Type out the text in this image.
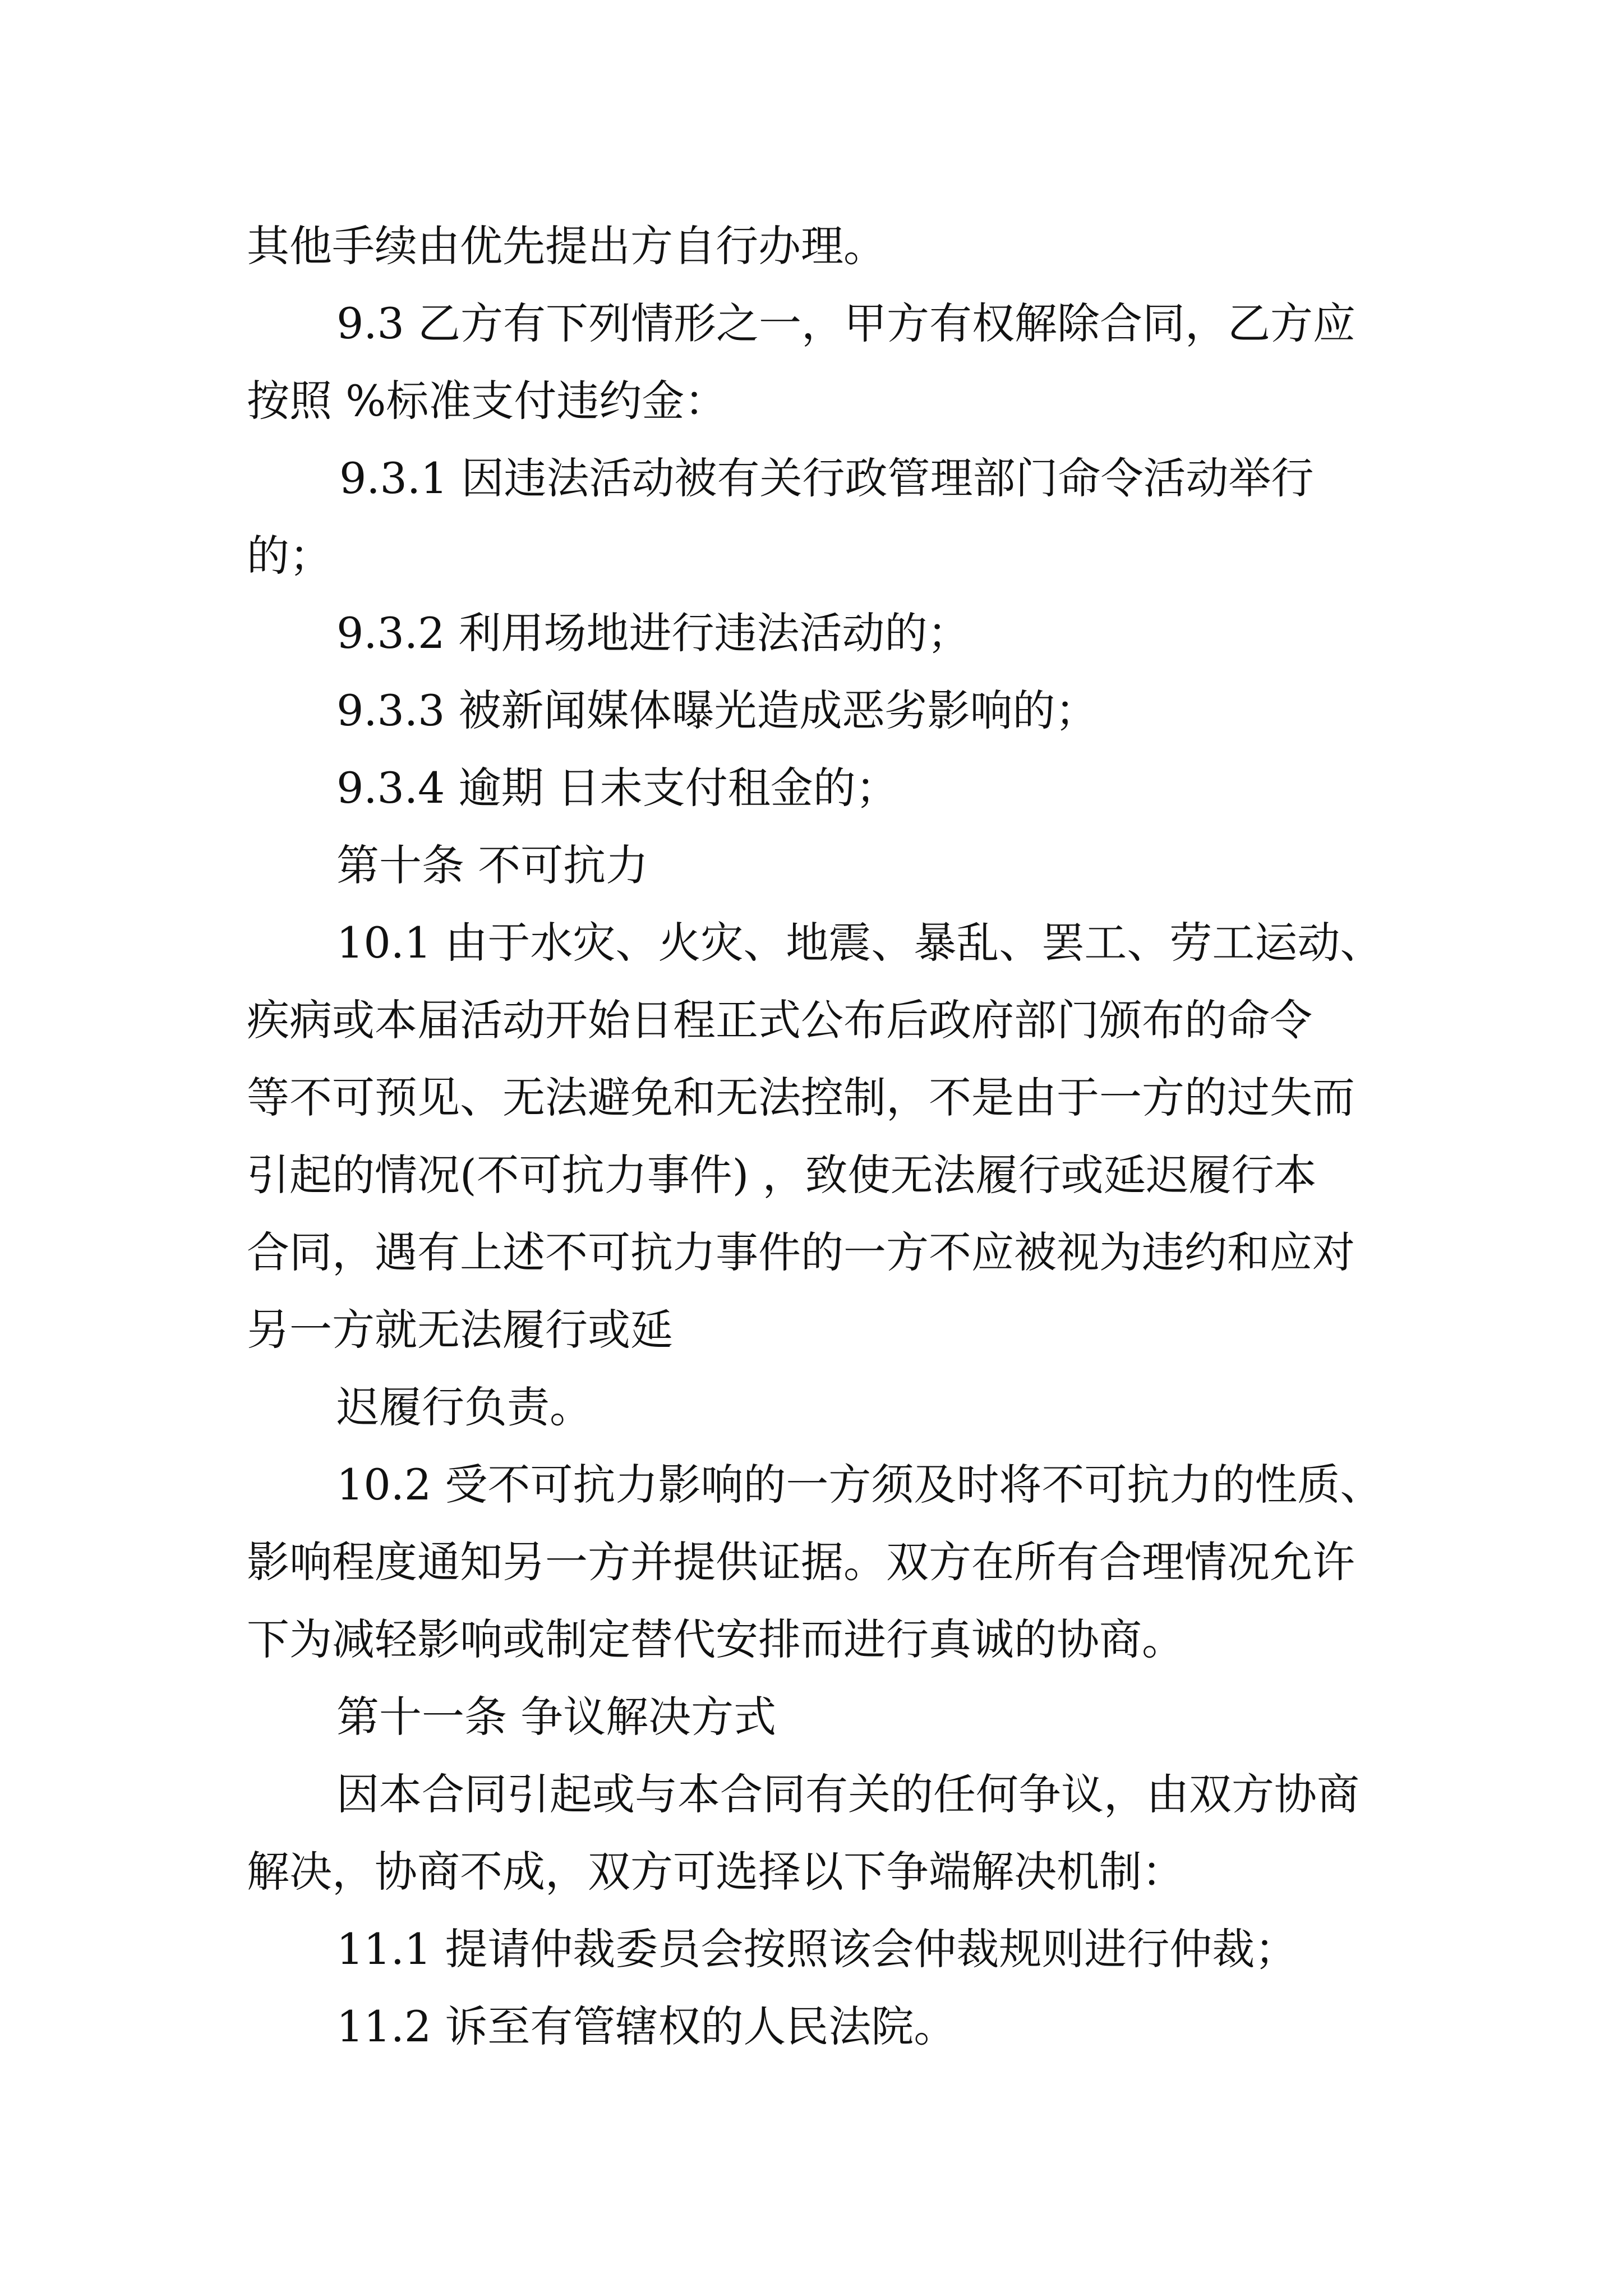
其他手续由优先提出方自行办理。

9.3 乙方有下列情形之一，甲方有权解除合同，乙方应
按照 %标准支付违约金：

9.3.1 因违法活动被有关行政管理部门命令活动举行
的；

9.3.2 利用场地进行违法活动的；

9.3.3 被新闻媒体曝光造成恶劣影响的；

9.3.4 逾期 日未支付租金的；

第十条 不可抗力

10.1 由于水灾、火灾、地震、暴乱、罢工、劳工运动、
疾病或本届活动开始日程正式公布后政府部门颁布的命令
等不可预见、无法避免和无法控制，不是由于一方的过失而
引起的情况(不可抗力事件) ，致使无法履行或延迟履行本
合同，遇有上述不可抗力事件的一方不应被视为违约和应对
另一方就无法履行或延

迟履行负责。

10.2 受不可抗力影响的一方须及时将不可抗力的性质、
影响程度通知另一方并提供证据。双方在所有合理情况允许
下为减轻影响或制定替代安排而进行真诚的协商。

第十一条 争议解决方式

因本合同引起或与本合同有关的任何争议，由双方协商
解决，协商不成，双方可选择以下争端解决机制：

11.1 提请仲裁委员会按照该会仲裁规则进行仲裁；

11.2 诉至有管辖权的人民法院。
